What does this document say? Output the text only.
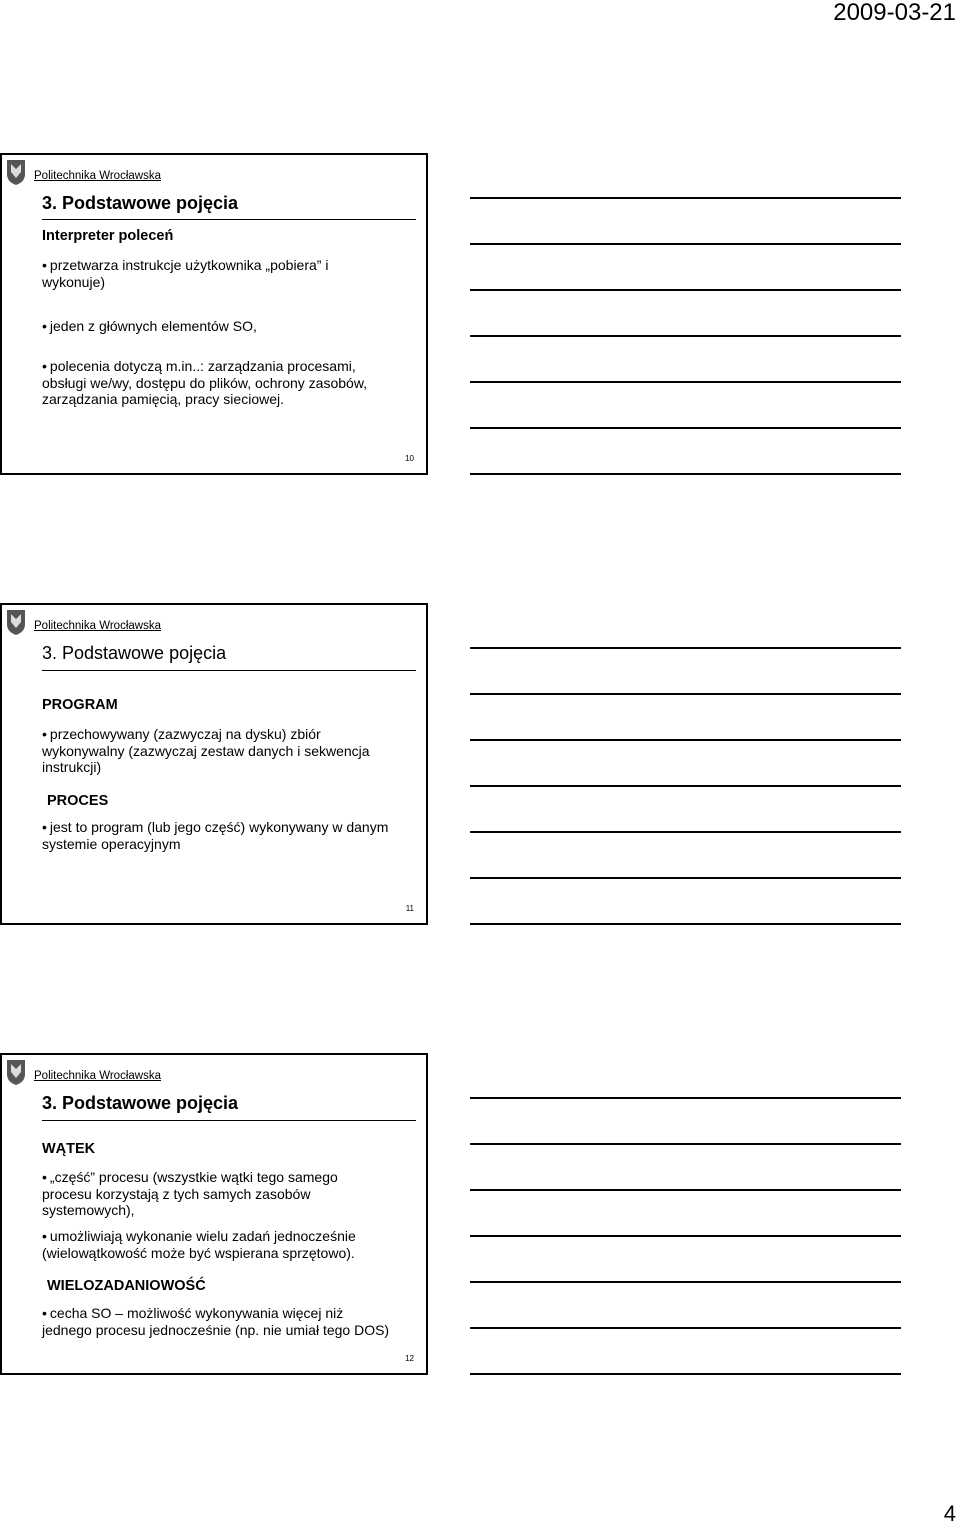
2009-03-21
Politechnika Wrocławska
3. Podstawowe pojęcia
Interpreter poleceń
• przetwarza instrukcje użytkownika „pobiera” i wykonuje)
• jeden z głównych elementów SO,
• polecenia dotyczą m.in..: zarządzania procesami, obsługi we/wy, dostępu do plików, ochrony zasobów, zarządzania pamięcią, pracy sieciowej.
10
Politechnika Wrocławska
3. Podstawowe pojęcia
PROGRAM
• przechowywany (zazwyczaj na dysku) zbiór wykonywalny (zazwyczaj zestaw danych i sekwencja instrukcji)
PROCES
• jest to program (lub jego część) wykonywany w danym systemie operacyjnym
11
Politechnika Wrocławska
3. Podstawowe pojęcia
WĄTEK
• „część” procesu (wszystkie wątki tego samego procesu korzystają z tych samych zasobów systemowych),
• umożliwiają wykonanie wielu zadań jednocześnie (wielowątkowość może być wspierana sprzętowo).
WIELOZADANIOWOŚĆ
• cecha SO – możliwość wykonywania więcej niż jednego procesu jednocześnie (np. nie umiał tego DOS)
12
4
